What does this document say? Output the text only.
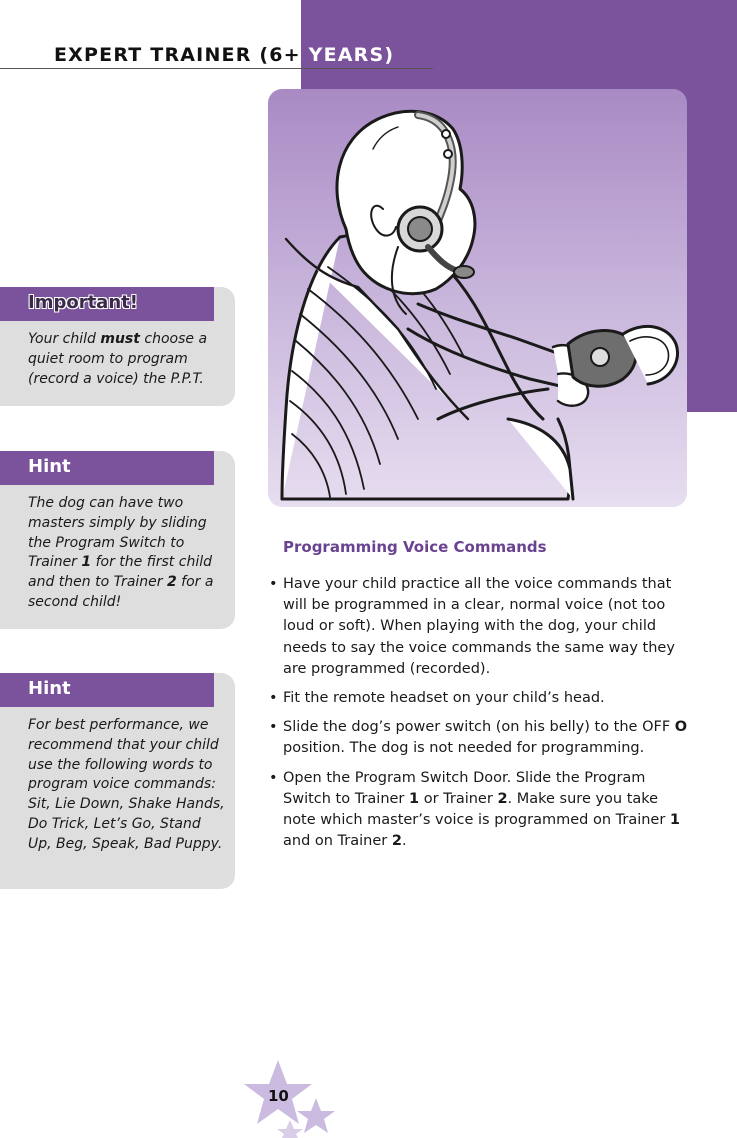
EXPERT TRAINER (6+ YEARS)
Important!
Your child must choose a quiet room to program (record a voice) the P.P.T.
Hint
The dog can have two masters simply by sliding the Program Switch to Trainer 1 for the first child and then to Trainer 2 for a second child!
Hint
For best performance, we recommend that your child use the following words to program voice commands: Sit, Lie Down, Shake Hands, Do Trick, Let’s Go, Stand Up, Beg, Speak, Bad Puppy.
Programming Voice Commands
• Have your child practice all the voice commands that will be programmed in a clear, normal voice (not too loud or soft). When playing with the dog, your child needs to say the voice commands the same way they are programmed (recorded).
• Fit the remote headset on your child’s head.
• Slide the dog’s power switch (on his belly) to the OFF O position. The dog is not needed for programming.
• Open the Program Switch Door. Slide the Program Switch to Trainer 1 or Trainer 2. Make sure you take note which master’s voice is programmed on Trainer 1 and on Trainer 2.
10
